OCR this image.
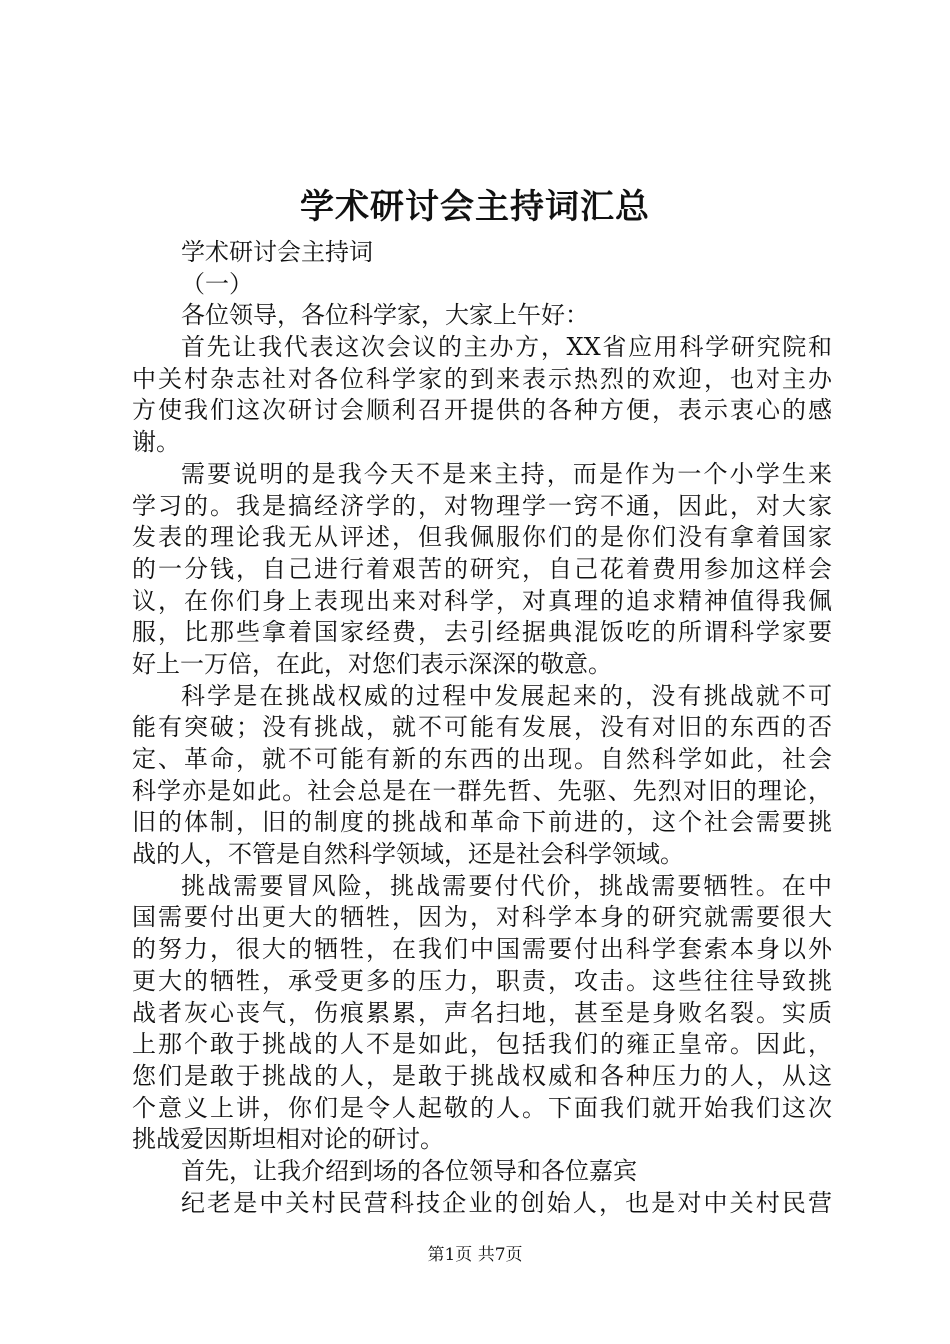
学术研讨会主持词汇总
学术研讨会主持词
（一）
各位领导，各位科学家，大家上午好：
首先让我代表这次会议的主办方，XX省应用科学研究院和
中关村杂志社对各位科学家的到来表示热烈的欢迎，也对主办
方使我们这次研讨会顺利召开提供的各种方便，表示衷心的感
谢。
需要说明的是我今天不是来主持，而是作为一个小学生来
学习的。我是搞经济学的，对物理学一窍不通，因此，对大家
发表的理论我无从评述，但我佩服你们的是你们没有拿着国家
的一分钱，自己进行着艰苦的研究，自己花着费用参加这样会
议，在你们身上表现出来对科学，对真理的追求精神值得我佩
服，比那些拿着国家经费，去引经据典混饭吃的所谓科学家要
好上一万倍，在此，对您们表示深深的敬意。
科学是在挑战权威的过程中发展起来的，没有挑战就不可
能有突破；没有挑战，就不可能有发展，没有对旧的东西的否
定、革命，就不可能有新的东西的出现。自然科学如此，社会
科学亦是如此。社会总是在一群先哲、先驱、先烈对旧的理论，
旧的体制，旧的制度的挑战和革命下前进的，这个社会需要挑
战的人，不管是自然科学领域，还是社会科学领域。
挑战需要冒风险，挑战需要付代价，挑战需要牺牲。在中
国需要付出更大的牺牲，因为，对科学本身的研究就需要很大
的努力，很大的牺牲，在我们中国需要付出科学套索本身以外
更大的牺牲，承受更多的压力，职责，攻击。这些往往导致挑
战者灰心丧气，伤痕累累，声名扫地，甚至是身败名裂。实质
上那个敢于挑战的人不是如此，包括我们的雍正皇帝。因此，
您们是敢于挑战的人，是敢于挑战权威和各种压力的人，从这
个意义上讲，你们是令人起敬的人。下面我们就开始我们这次
挑战爱因斯坦相对论的研讨。
首先，让我介绍到场的各位领导和各位嘉宾
纪老是中关村民营科技企业的创始人，也是对中关村民营
第1页 共7页
